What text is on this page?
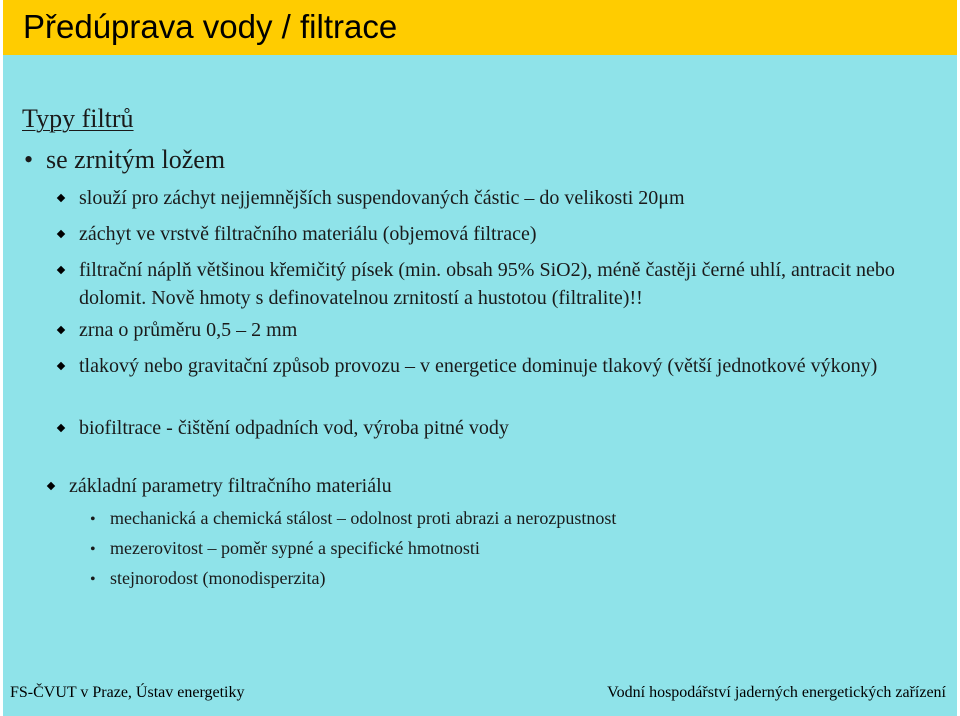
Předúprava vody / filtrace
Typy filtrů
• se zrnitým ložem
slouží pro záchyt nejjemnějších suspendovaných částic – do velikosti 20μm
záchyt ve vrstvě filtračního materiálu (objemová filtrace)
filtrační náplň většinou křemičitý písek (min. obsah 95% SiO2), méně častěji černé uhlí, antracit nebo dolomit. Nově hmoty s definovatelnou zrnitostí a hustotou (filtralite)!!
zrna o průměru 0,5 – 2 mm
tlakový nebo gravitační způsob provozu – v energetice dominuje tlakový (větší jednotkové výkony)
biofiltrace - čištění odpadních vod, výroba pitné vody
základní parametry filtračního materiálu
• mechanická a chemická stálost – odolnost proti abrazi a nerozpustnost
• mezerovitost – poměr sypné a specifické hmotnosti
• stejnorodost (monodisperzita)
FS-ČVUT v Praze, Ústav energetiky	Vodní hospodářství jaderných energetických zařízení
